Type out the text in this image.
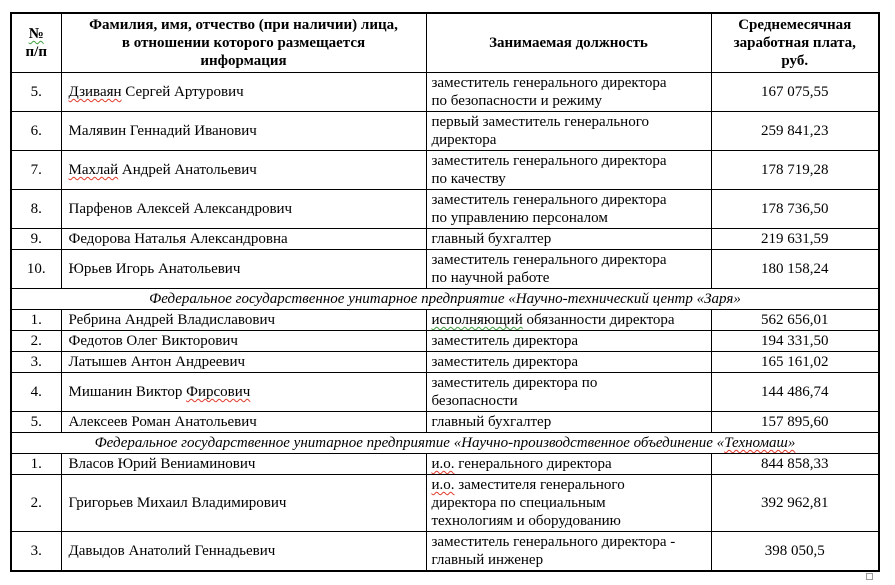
№
п/п	Фамилия, имя, отчество (при наличии) лица,
в отношении которого размещается
информация	Занимаемая должность	Среднемесячная
заработная плата,
руб.
5.	Дзиваян Сергей Артурович	заместитель генерального директора
по безопасности и режиму	167 075,55
6.	Малявин Геннадий Иванович	первый заместитель генерального
директора	259 841,23
7.	Махлай Андрей Анатольевич	заместитель генерального директора
по качеству	178 719,28
8.	Парфенов Алексей Александрович	заместитель генерального директора
по управлению персоналом	178 736,50
9.	Федорова Наталья Александровна	главный бухгалтер	219 631,59
10.	Юрьев Игорь Анатольевич	заместитель генерального директора
по научной работе	180 158,24
Федеральное государственное унитарное предприятие «Научно-технический центр «Заря»			
1.	Ребрина Андрей Владиславович	исполняющий обязанности директора	562 656,01
2.	Федотов Олег Викторович	заместитель директора	194 331,50
3.	Латышев Антон Андреевич	заместитель директора	165 161,02
4.	Мишанин Виктор Фирсович	заместитель директора по
безопасности	144 486,74
5.	Алексеев Роман Анатольевич	главный бухгалтер	157 895,60
Федеральное государственное унитарное предприятие «Научно-производственное объединение «Техномаш»			
1.	Власов Юрий Вениаминович	и.о. генерального директора	844 858,33
2.	Григорьев Михаил Владимирович	и.о. заместителя генерального
директора по специальным
технологиям и оборудованию	392 962,81
3.	Давыдов Анатолий Геннадьевич	заместитель генерального директора -
главный инженер	398 050,5
